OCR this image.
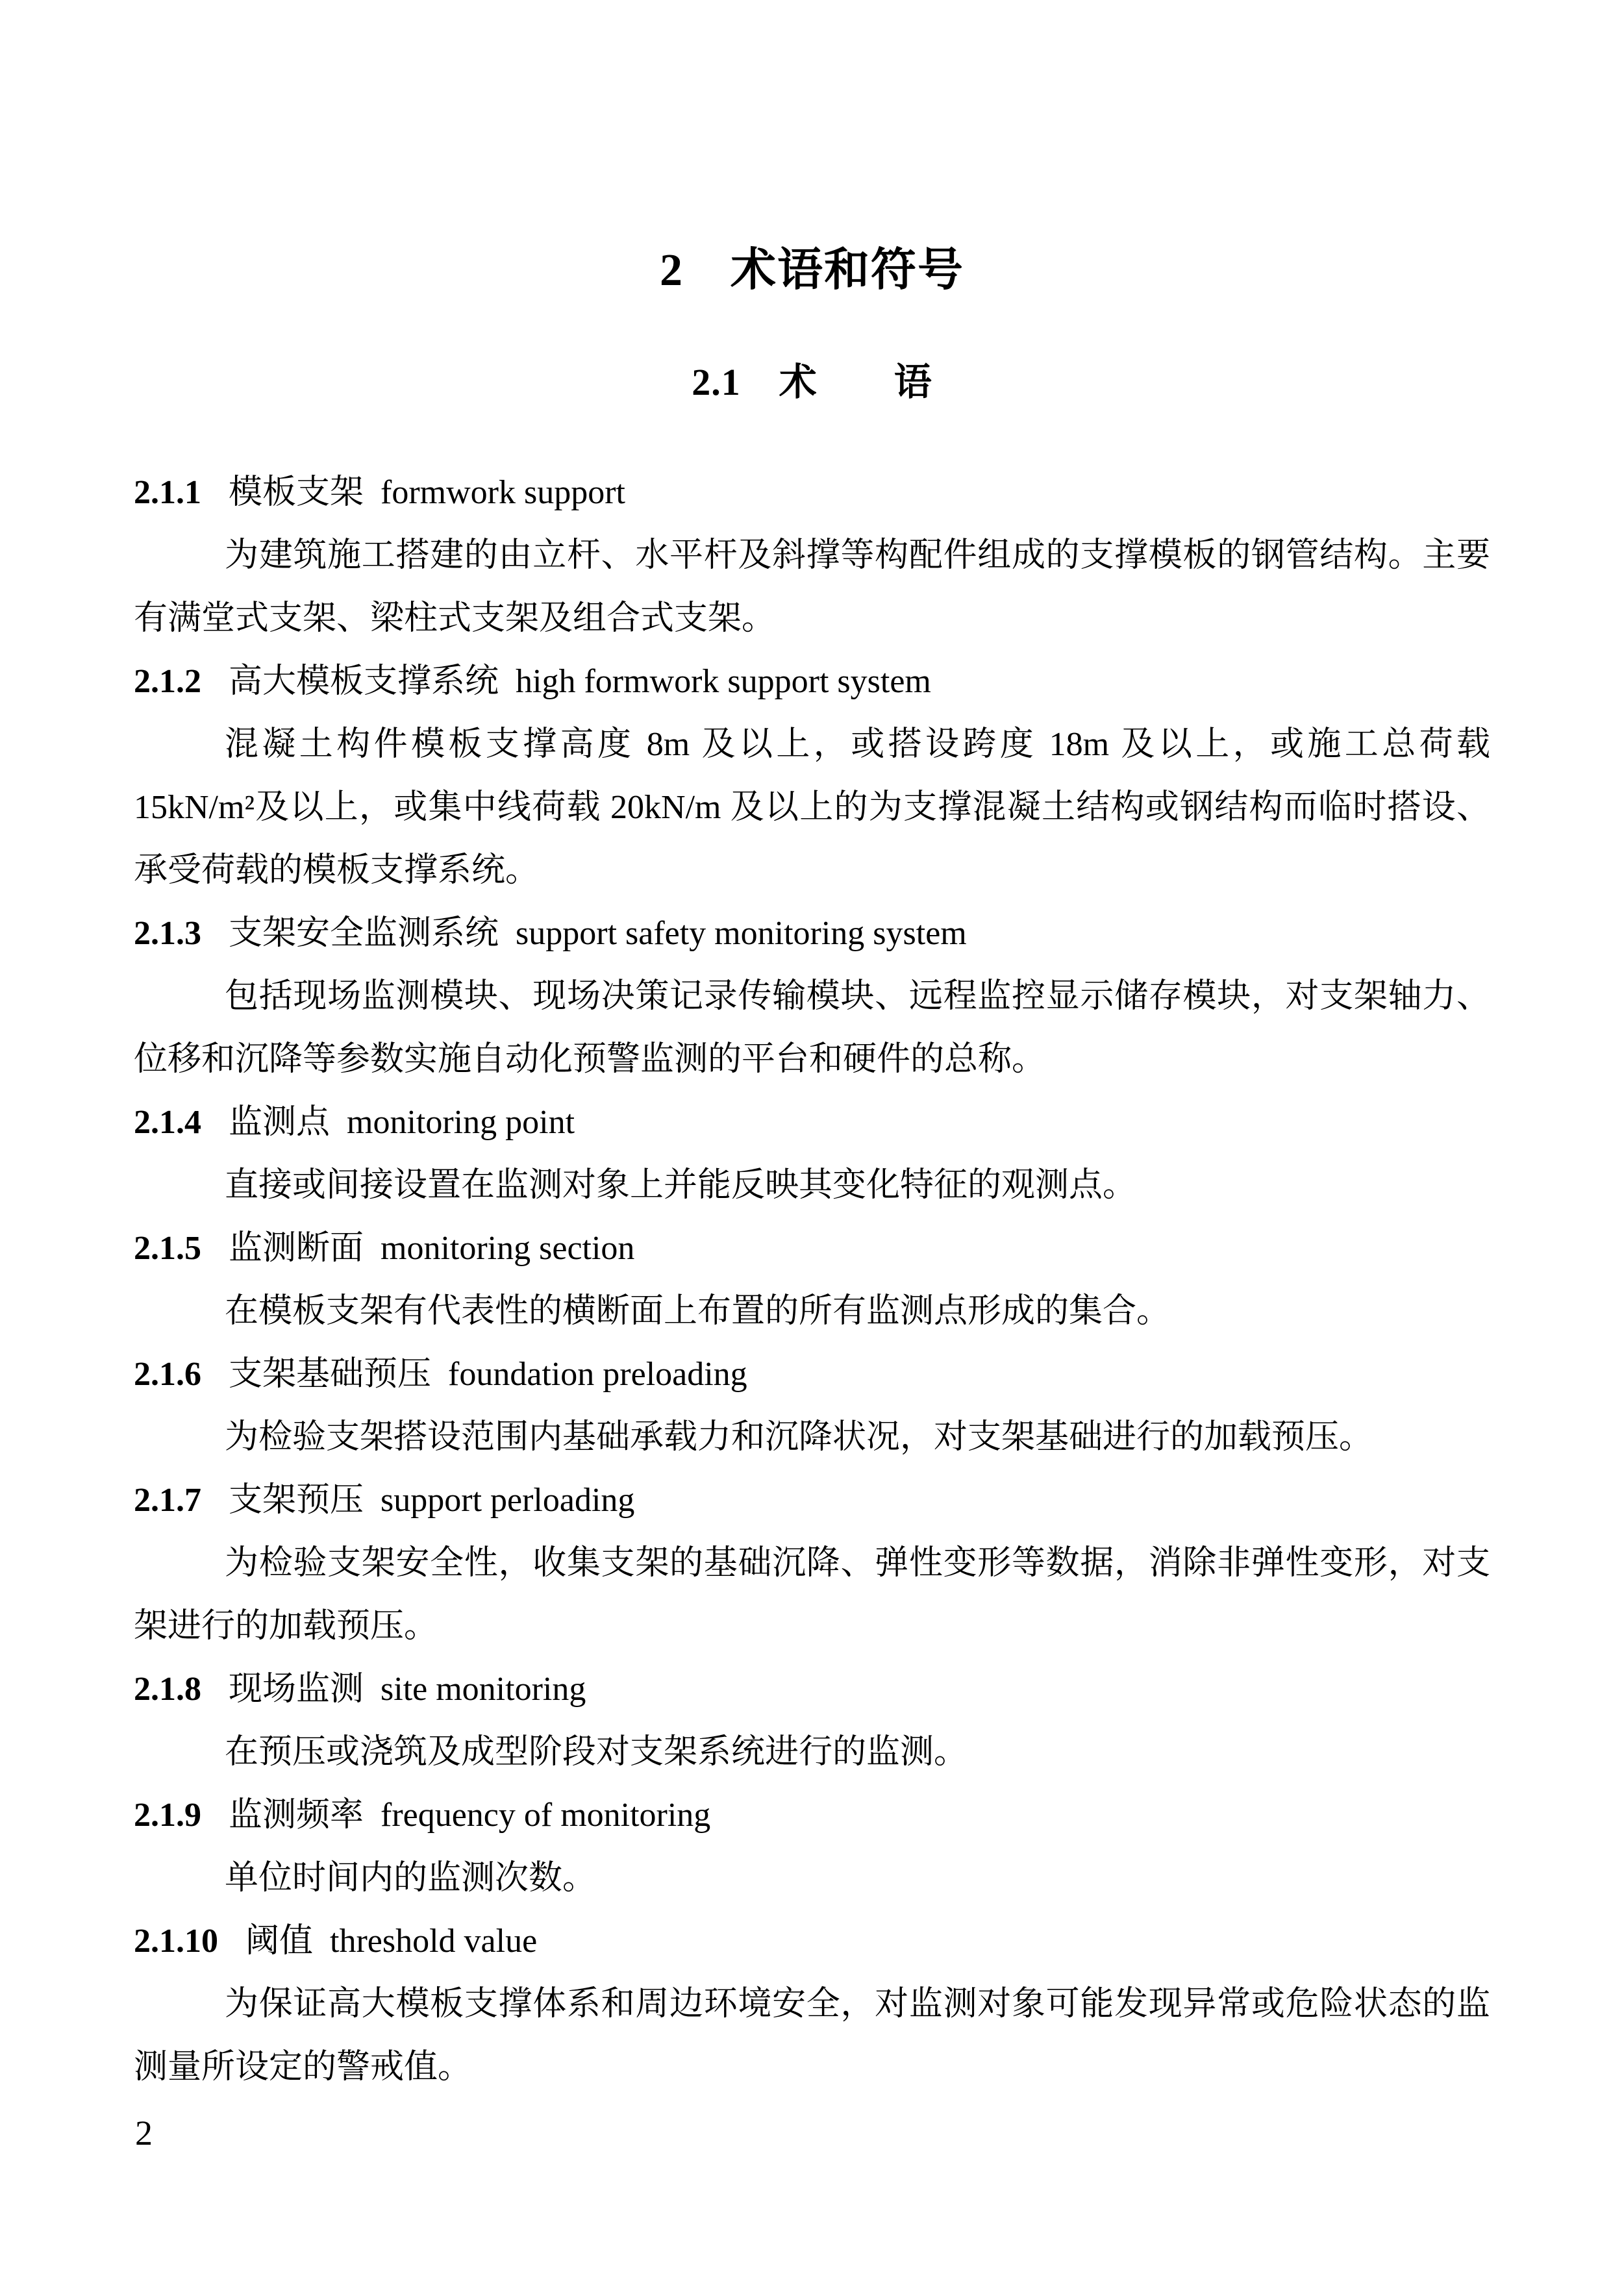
2　术语和符号
2.1　术　　语

2.1.1 模板支架 formwork support

为建筑施工搭建的由立杆、水平杆及斜撑等构配件组成的支撑模板的钢管结构。主要有满堂式支架、梁柱式支架及组合式支架。

2.1.2 高大模板支撑系统 high formwork support system

混凝土构件模板支撑高度 8m 及以上，或搭设跨度 18m 及以上，或施工总荷载 15kN/m²及以上，或集中线荷载 20kN/m 及以上的为支撑混凝土结构或钢结构而临时搭设、承受荷载的模板支撑系统。

2.1.3 支架安全监测系统 support safety monitoring system

包括现场监测模块、现场决策记录传输模块、远程监控显示储存模块，对支架轴力、位移和沉降等参数实施自动化预警监测的平台和硬件的总称。

2.1.4 监测点 monitoring point

直接或间接设置在监测对象上并能反映其变化特征的观测点。

2.1.5 监测断面 monitoring section

在模板支架有代表性的横断面上布置的所有监测点形成的集合。

2.1.6 支架基础预压 foundation preloading

为检验支架搭设范围内基础承载力和沉降状况，对支架基础进行的加载预压。

2.1.7 支架预压 support perloading

为检验支架安全性，收集支架的基础沉降、弹性变形等数据，消除非弹性变形，对支架进行的加载预压。

2.1.8 现场监测 site monitoring

在预压或浇筑及成型阶段对支架系统进行的监测。

2.1.9 监测频率 frequency of monitoring

单位时间内的监测次数。

2.1.10 阈值 threshold value

为保证高大模板支撑体系和周边环境安全，对监测对象可能发现异常或危险状态的监测量所设定的警戒值。

2
